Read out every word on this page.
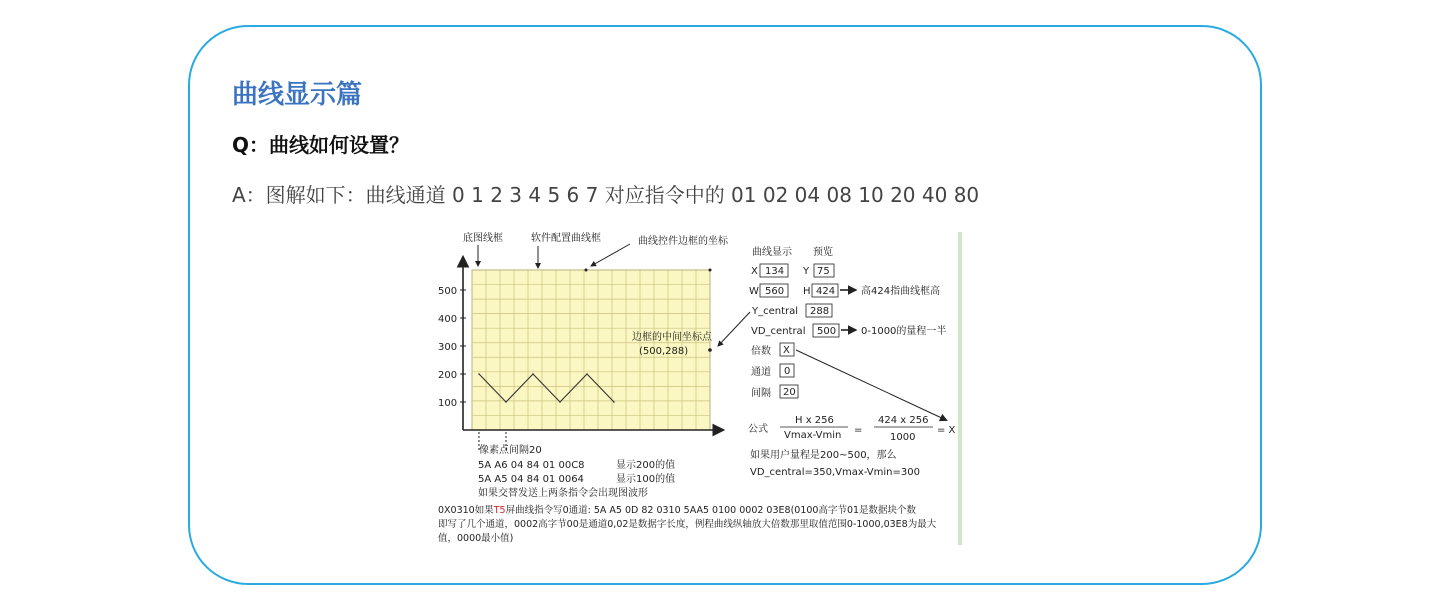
曲线显示篇
Q：曲线如何设置？
A：图解如下：曲线通道 0 1 2 3 4 5 6 7 对应指令中的 01 02 04 08 10 20 40 80
500
400
300
200
100
底图线框	软件配置曲线框	曲线控件边框的坐标
边框的中间坐标点
(500,288)
像素点间隔20
5A A6 04 84 01 00C8	显示200的值
5A A5 04 84 01 0064	显示100的值
如果交替发送上两条指令会出现图波形
0X0310如果T5屏曲线指令写0通道: 5A A5 0D 82 0310 5AA5 0100 0002 03E8(0100高字节01是数据块个数
即写了几个通道，0002高字节00是通道0,02是数据字长度，例程曲线纵轴放大倍数那里取值范围0-1000,03E8为最大
值，0000最小值)
曲线显示 预览
X 134 Y 75
W 560 H 424	高424指曲线框高
Y_central 288
VD_central 500 0-1000的量程一半
倍数 X
通道 0
间隔 20
公式
H x 256
Vmax-Vmin =
424 x 256
1000
= X
如果用户量程是200~500，那么
VD_central=350,Vmax-Vmin=300
